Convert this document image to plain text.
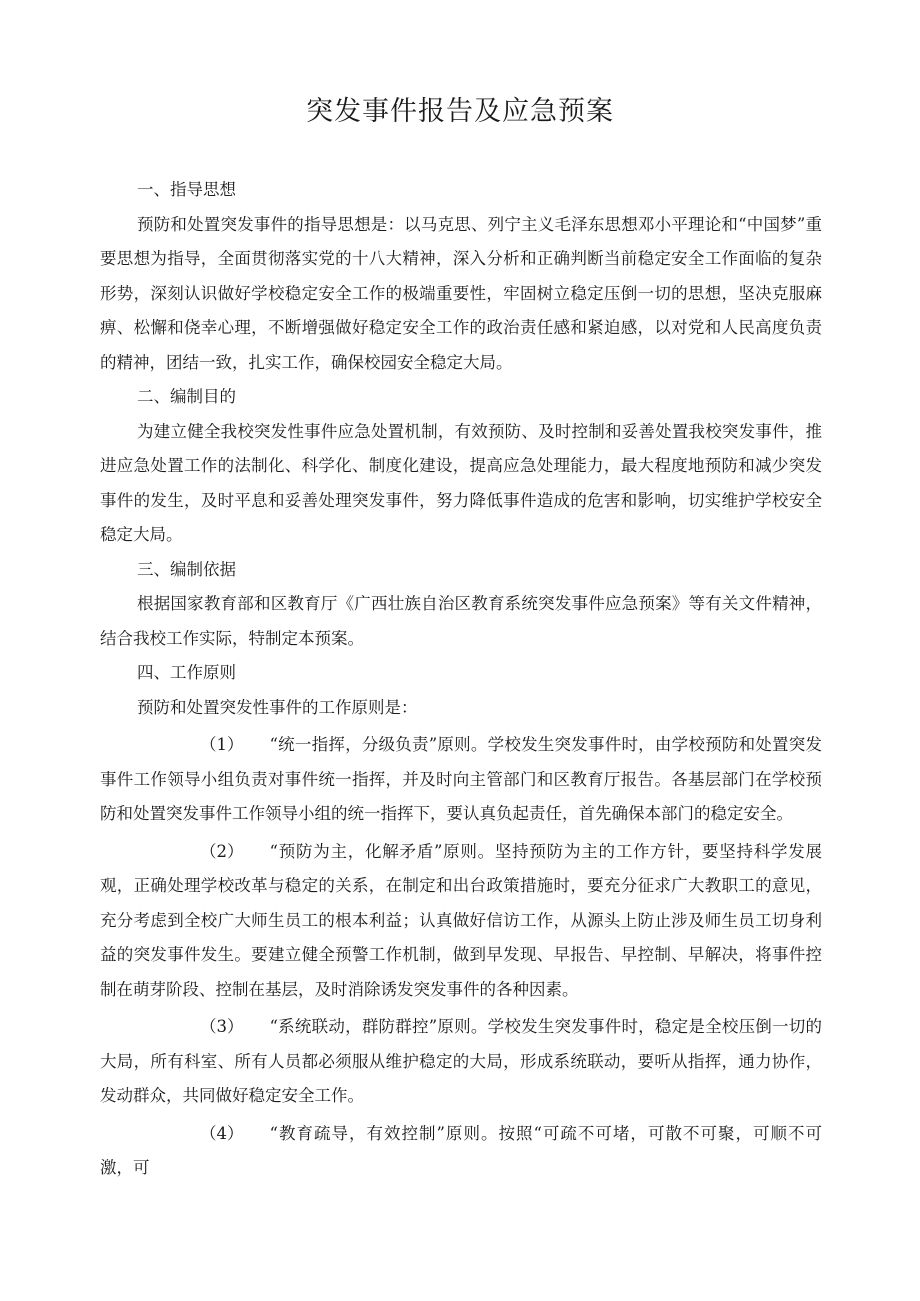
突发事件报告及应急预案

一、指导思想

预防和处置突发事件的指导思想是：以马克思、列宁主义毛泽东思想邓小平理论和“中国梦”重要思想为指导，全面贯彻落实党的十八大精神，深入分析和正确判断当前稳定安全工作面临的复杂形势，深刻认识做好学校稳定安全工作的极端重要性，牢固树立稳定压倒一切的思想，坚决克服麻痹、松懈和侥幸心理，不断增强做好稳定安全工作的政治责任感和紧迫感，以对党和人民高度负责的精神，团结一致，扎实工作，确保校园安全稳定大局。

二、编制目的

为建立健全我校突发性事件应急处置机制，有效预防、及时控制和妥善处置我校突发事件，推进应急处置工作的法制化、科学化、制度化建设，提高应急处理能力，最大程度地预防和减少突发事件的发生，及时平息和妥善处理突发事件，努力降低事件造成的危害和影响，切实维护学校安全稳定大局。

三、编制依据

根据国家教育部和区教育厅《广西壮族自治区教育系统突发事件应急预案》等有关文件精神，结合我校工作实际，特制定本预案。

四、工作原则

预防和处置突发性事件的工作原则是：

（1） “统一指挥，分级负责”原则。学校发生突发事件时，由学校预防和处置突发事件工作领导小组负责对事件统一指挥，并及时向主管部门和区教育厅报告。各基层部门在学校预防和处置突发事件工作领导小组的统一指挥下，要认真负起责任，首先确保本部门的稳定安全。

（2） “预防为主，化解矛盾”原则。坚持预防为主的工作方针，要坚持科学发展观，正确处理学校改革与稳定的关系，在制定和出台政策措施时，要充分征求广大教职工的意见，充分考虑到全校广大师生员工的根本利益；认真做好信访工作，从源头上防止涉及师生员工切身利益的突发事件发生。要建立健全预警工作机制，做到早发现、早报告、早控制、早解决，将事件控制在萌芽阶段、控制在基层，及时消除诱发突发事件的各种因素。

（3） “系统联动，群防群控”原则。学校发生突发事件时，稳定是全校压倒一切的大局，所有科室、所有人员都必须服从维护稳定的大局，形成系统联动，要听从指挥，通力协作，发动群众，共同做好稳定安全工作。

（4） “教育疏导，有效控制”原则。按照“可疏不可堵，可散不可聚，可顺不可激，可
